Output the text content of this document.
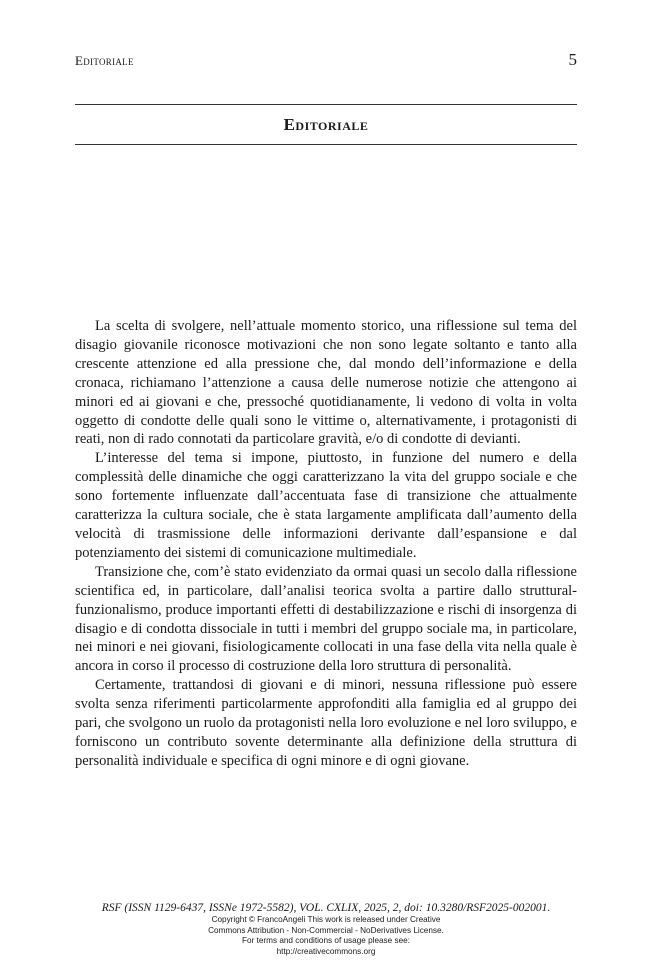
Editoriale	5
Editoriale

La scelta di svolgere, nell’attuale momento storico, una riflessione sul tema del disagio giovanile riconosce motivazioni che non sono legate soltanto e tanto alla crescente attenzione ed alla pressione che, dal mondo dell’informazione e della cronaca, richiamano l’attenzione a causa delle numerose notizie che attengono ai minori ed ai giovani e che, pressoché quotidianamente, li vedono di volta in volta oggetto di condotte delle quali sono le vittime o, alternativamente, i protagonisti di reati, non di rado connotati da particolare gravità, e/o di condotte di devianti.

L’interesse del tema si impone, piuttosto, in funzione del numero e della complessità delle dinamiche che oggi caratterizzano la vita del gruppo sociale e che sono fortemente influenzate dall’accentuata fase di transizione che attualmente caratterizza la cultura sociale, che è stata largamente amplificata dall’aumento della velocità di trasmissione delle informazioni derivante dall’espansione e dal potenziamento dei sistemi di comunicazione multimediale.

Transizione che, com’è stato evidenziato da ormai quasi un secolo dalla riflessione scientifica ed, in particolare, dall’analisi teorica svolta a partire dallo struttural-funzionalismo, produce importanti effetti di destabilizzazione e rischi di insorgenza di disagio e di condotta dissociale in tutti i membri del gruppo sociale ma, in particolare, nei minori e nei giovani, fisiologicamente collocati in una fase della vita nella quale è ancora in corso il processo di costruzione della loro struttura di personalità.

Certamente, trattandosi di giovani e di minori, nessuna riflessione può essere svolta senza riferimenti particolarmente approfonditi alla famiglia ed al gruppo dei pari, che svolgono un ruolo da protagonisti nella loro evoluzione e nel loro sviluppo, e forniscono un contributo sovente determinante alla definizione della struttura di personalità individuale e specifica di ogni minore e di ogni giovane.

RSF (ISSN 1129-6437, ISSNe 1972-5582), VOL. CXLIX, 2025, 2, doi: 10.3280/RSF2025-002001.
Copyright © FrancoAngeli This work is released under Creative
Commons Attribution - Non-Commercial - NoDerivatives License.
For terms and conditions of usage please see:
http://creativecommons.org
